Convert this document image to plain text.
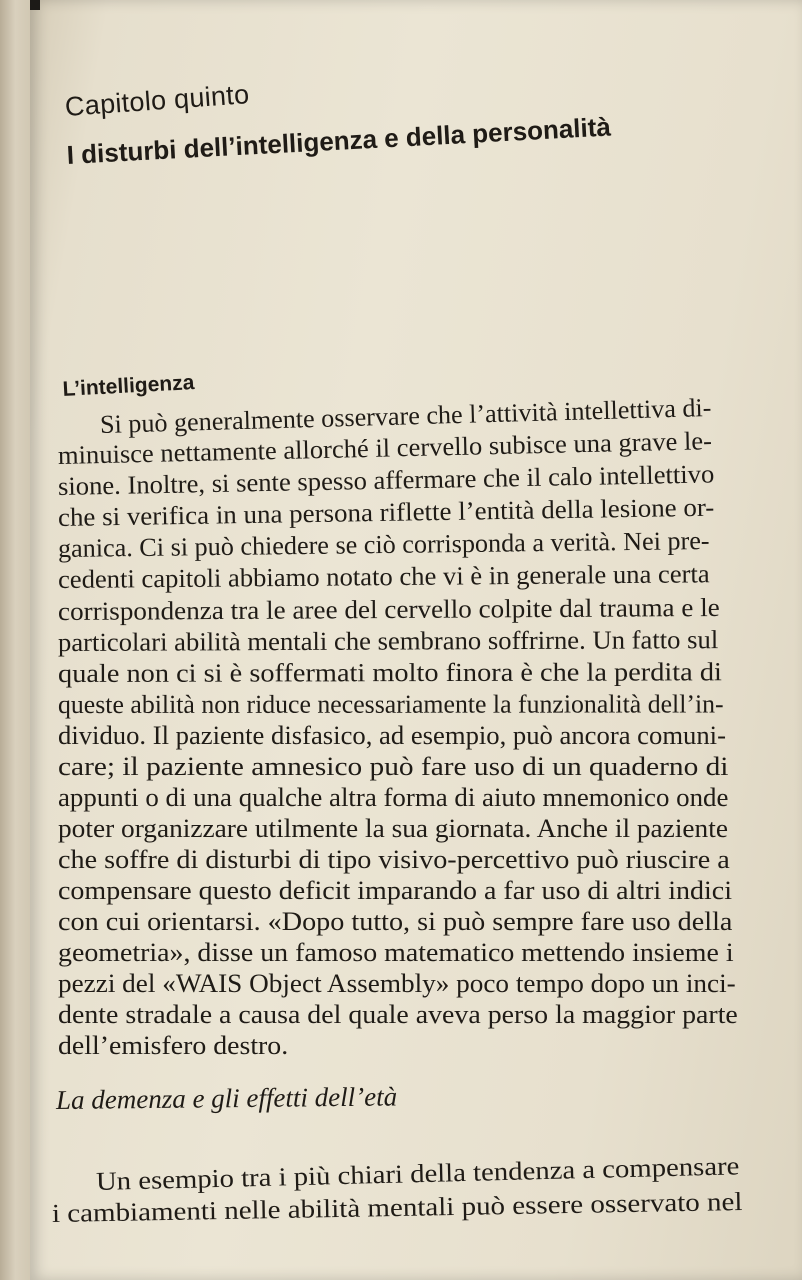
Capitolo quinto
I disturbi dell’intelligenza e della personalità
L’intelligenza
Si può generalmente osservare che l’attività intellettiva di-
minuisce nettamente allorché il cervello subisce una grave le-
sione. Inoltre, si sente spesso affermare che il calo intellettivo
che si verifica in una persona riflette l’entità della lesione or-
ganica. Ci si può chiedere se ciò corrisponda a verità. Nei pre-
cedenti capitoli abbiamo notato che vi è in generale una certa
corrispondenza tra le aree del cervello colpite dal trauma e le
particolari abilità mentali che sembrano soffrirne. Un fatto sul
quale non ci si è soffermati molto finora è che la perdita di
queste abilità non riduce necessariamente la funzionalità dell’in-
dividuo. Il paziente disfasico, ad esempio, può ancora comuni-
care; il paziente amnesico può fare uso di un quaderno di
appunti o di una qualche altra forma di aiuto mnemonico onde
poter organizzare utilmente la sua giornata. Anche il paziente
che soffre di disturbi di tipo visivo-percettivo può riuscire a
compensare questo deficit imparando a far uso di altri indici
con cui orientarsi. «Dopo tutto, si può sempre fare uso della
geometria», disse un famoso matematico mettendo insieme i
pezzi del «WAIS Object Assembly» poco tempo dopo un inci-
dente stradale a causa del quale aveva perso la maggior parte
dell’emisfero destro.
La demenza e gli effetti dell’età
Un esempio tra i più chiari della tendenza a compensare
i cambiamenti nelle abilità mentali può essere osservato nel
